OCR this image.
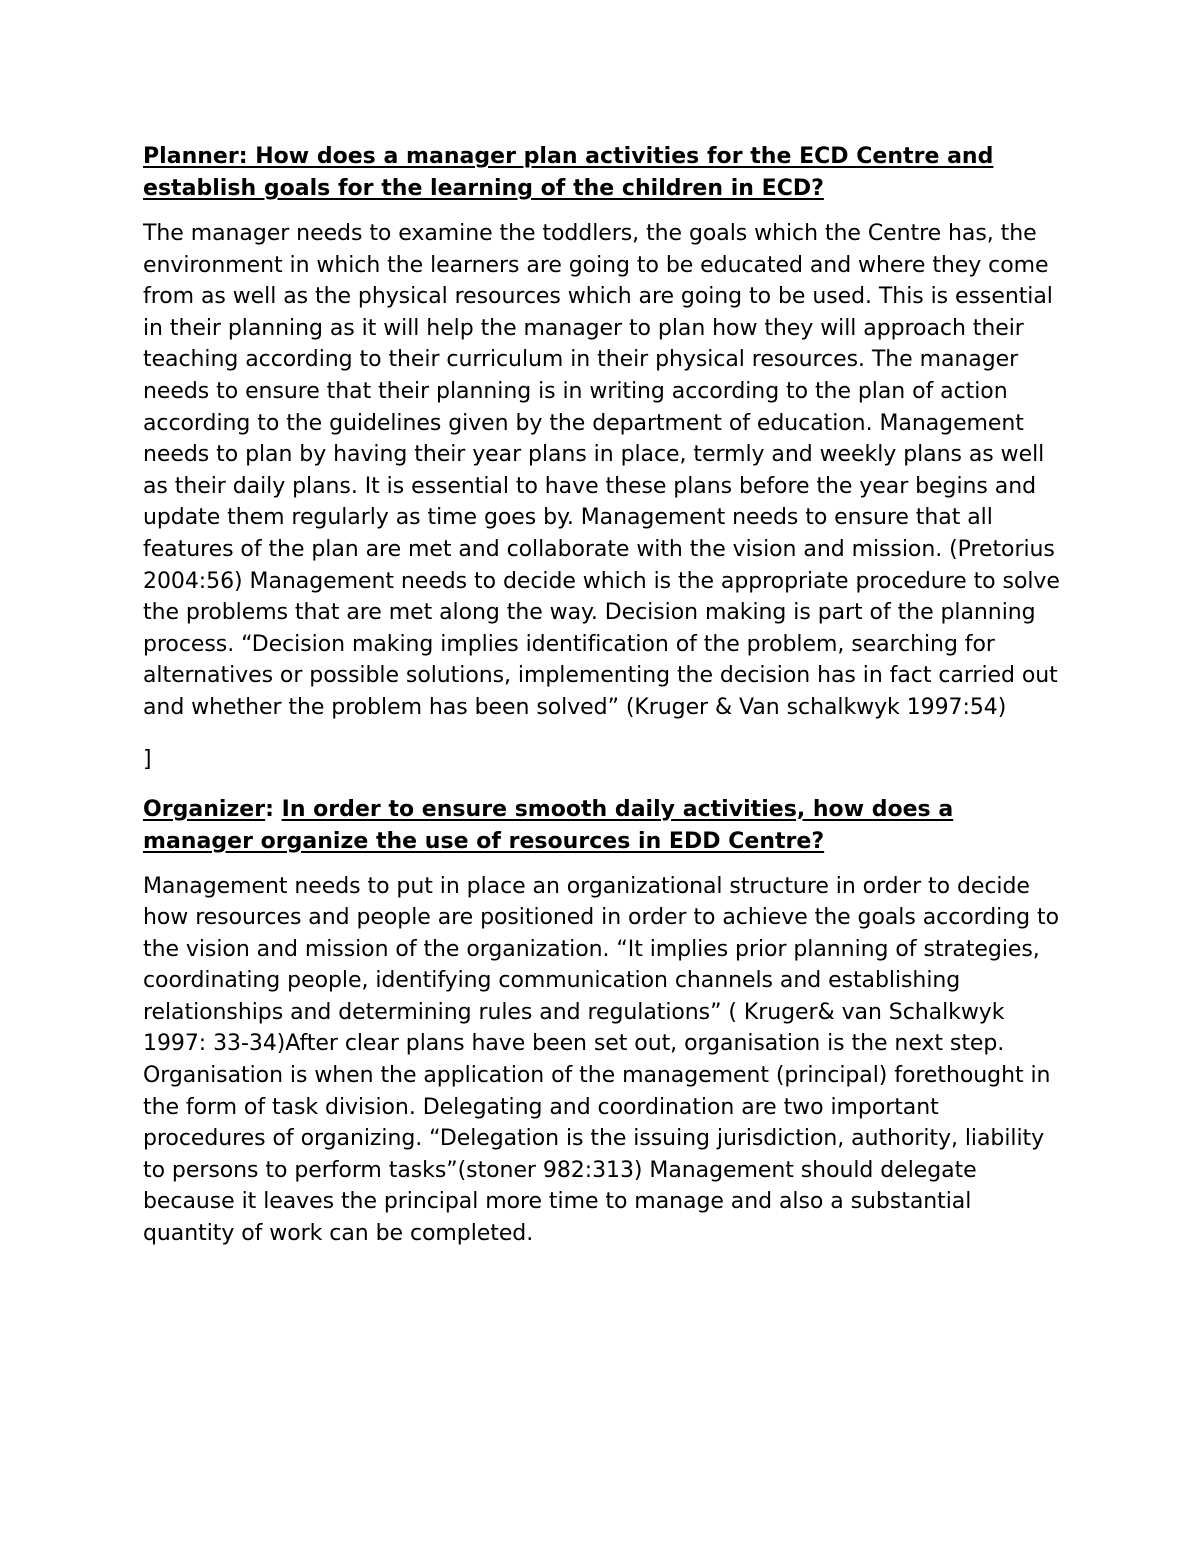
Planner: How does a manager plan activities for the ECD Centre and establish goals for the learning of the children in ECD?

The manager needs to examine the toddlers, the goals which the Centre has, the environment in which the learners are going to be educated and where they come from as well as the physical resources which are going to be used. This is essential in their planning as it will help the manager to plan how they will approach their teaching according to their curriculum in their physical resources. The manager needs to ensure that their planning is in writing according to the plan of action according to the guidelines given by the department of education. Management needs to plan by having their year plans in place, termly and weekly plans as well as their daily plans. It is essential to have these plans before the year begins and update them regularly as time goes by. Management needs to ensure that all features of the plan are met and collaborate with the vision and mission. (Pretorius 2004:56) Management needs to decide which is the appropriate procedure to solve the problems that are met along the way. Decision making is part of the planning process. “Decision making implies identification of the problem, searching for alternatives or possible solutions, implementing the decision has in fact carried out and whether the problem has been solved” (Kruger & Van schalkwyk 1997:54)

]

Organizer: In order to ensure smooth daily activities, how does a manager organize the use of resources in EDD Centre?

Management needs to put in place an organizational structure in order to decide how resources and people are positioned in order to achieve the goals according to the vision and mission of the organization. “It implies prior planning of strategies, coordinating people, identifying communication channels and establishing relationships and determining rules and regulations” ( Kruger& van Schalkwyk 1997: 33-34)After clear plans have been set out, organisation is the next step. Organisation is when the application of the management (principal) forethought in the form of task division. Delegating and coordination are two important procedures of organizing. “Delegation is the issuing jurisdiction, authority, liability to persons to perform tasks”(stoner 982:313) Management should delegate because it leaves the principal more time to manage and also a substantial quantity of work can be completed.
